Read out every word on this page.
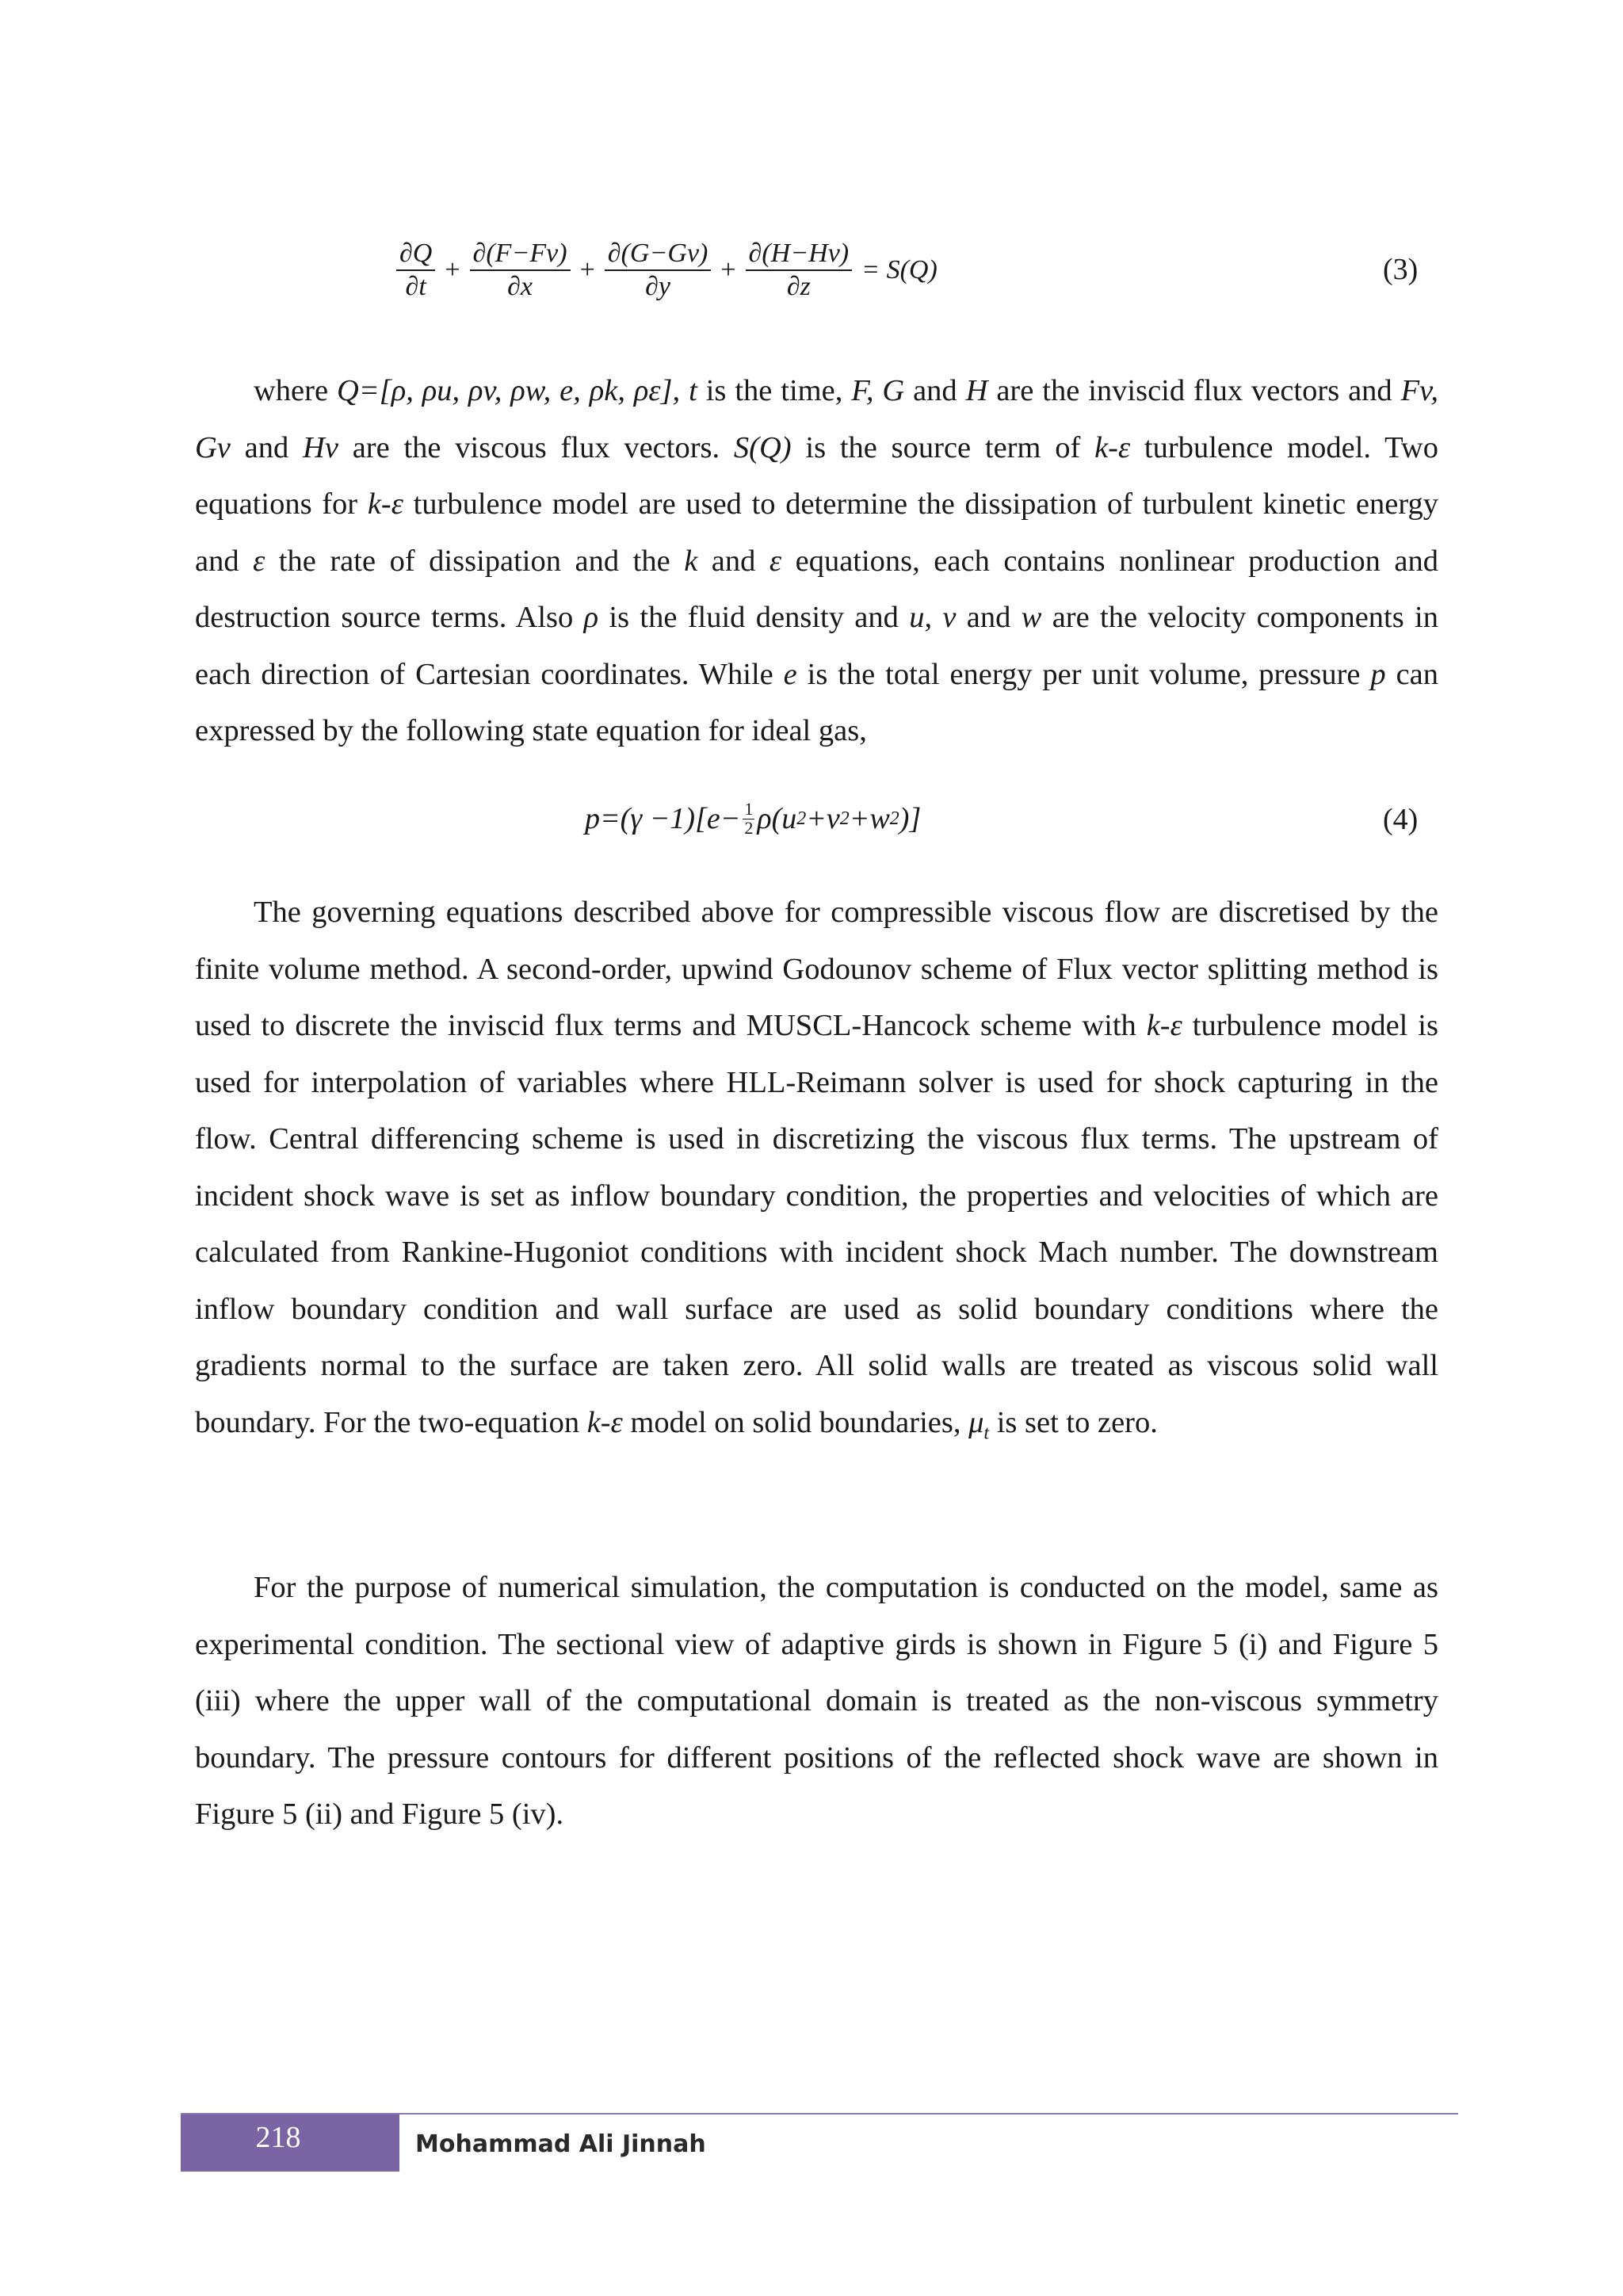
$\frac{\partial Q}{\partial t} + \frac{\partial(F-Fv)}{\partial x} + \frac{\partial(G-Gv)}{\partial y} + \frac{\partial(H-Hv)}{\partial z} = S(Q)$	(3)

where Q=[ρ, ρu, ρv, ρw, e, ρk, ρε], t is the time, F, G and H are the inviscid flux vectors and Fv, Gv and Hv are the viscous flux vectors. S(Q) is the source term of k-ε turbulence model. Two equations for k-ε turbulence model are used to determine the dissipation of turbulent kinetic energy and ε the rate of dissipation and the k and ε equations, each contains nonlinear production and destruction source terms. Also ρ is the fluid density and u, v and w are the velocity components in each direction of Cartesian coordinates. While e is the total energy per unit volume, pressure p can expressed by the following state equation for ideal gas,

$p=(\gamma -1)[e- \frac{1}{2} \rho(u$ 2 +v 2 +w 2 )]	(4)

The governing equations described above for compressible viscous flow are discretised by the finite volume method. A second-order, upwind Godounov scheme of Flux vector splitting method is used to discrete the inviscid flux terms and MUSCL-Hancock scheme with k-ε turbulence model is used for interpolation of variables where HLL-Reimann solver is used for shock capturing in the flow. Central differencing scheme is used in discretizing the viscous flux terms. The upstream of incident shock wave is set as inflow boundary condition, the properties and velocities of which are calculated from Rankine-Hugoniot conditions with incident shock Mach number. The downstream inflow boundary condition and wall surface are used as solid boundary conditions where the gradients normal to the surface are taken zero. All solid walls are treated as viscous solid wall boundary. For the two-equation k-ε model on solid boundaries, $\mu_t$ is set to zero.

For the purpose of numerical simulation, the computation is conducted on the model, same as experimental condition. The sectional view of adaptive girds is shown in Figure 5 (i) and Figure 5 (iii) where the upper wall of the computational domain is treated as the non-viscous symmetry boundary. The pressure contours for different positions of the reflected shock wave are shown in Figure 5 (ii) and Figure 5 (iv).

218	Mohammad Ali Jinnah
